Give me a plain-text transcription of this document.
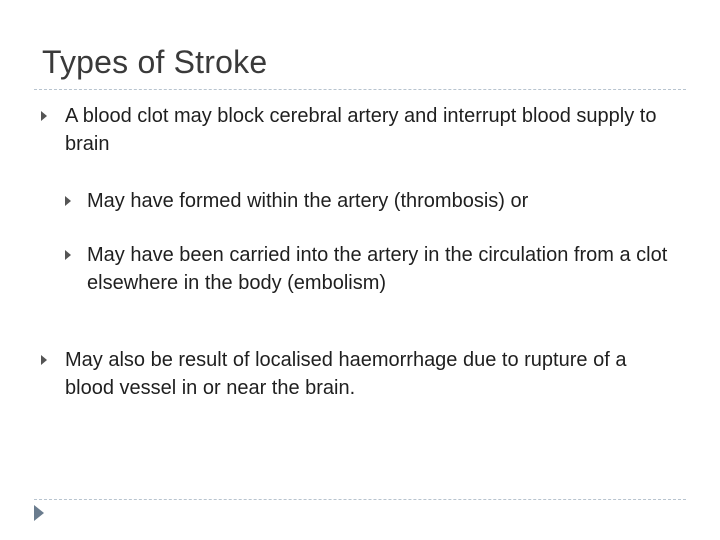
Types of Stroke
A blood clot may block cerebral artery and interrupt blood supply to brain
May have formed within the artery (thrombosis) or
May have been carried into the artery in the circulation from a clot elsewhere in the body (embolism)
May also be result of localised haemorrhage due to rupture of a blood vessel in or near the brain.
